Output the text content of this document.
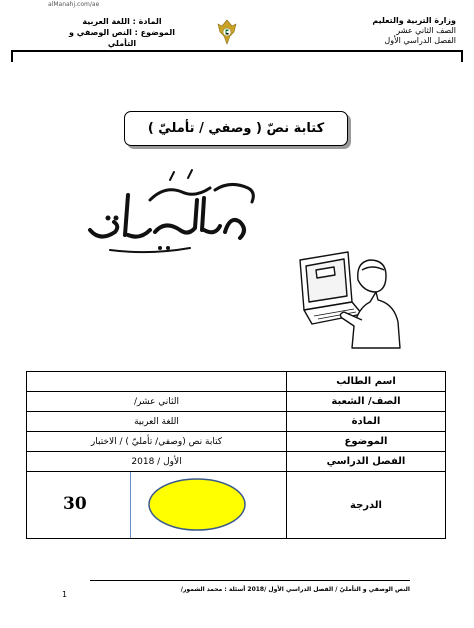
alManahj.com/ae
وزارة التربية والتعليم
الصف الثاني عشر
الفصل الدراسي الأول
المادة : اللغة العربية
الموضوع : النص الوصفي و التأملي
كتابة نصّ ( وصفي / تأمليّ )
اسم الطالب	
الصف/ الشعبة	الثاني عشر/
المادة	اللغة العربية
الموضوع	كتابة نص (وصفي/ تأمليّ ) / الاختبار
الفصل الدراسي	الأول / 2018
الدرجة	30
النص الوصفي و التأمليّ / الفصل الدراسي الأول /2018 أسئلة : محمد الشمور/
1
